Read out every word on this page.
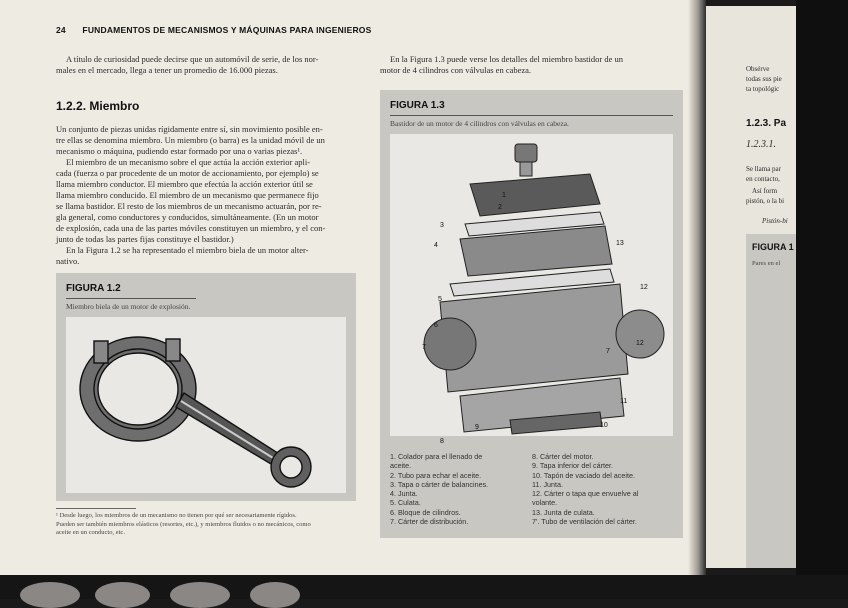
24 FUNDAMENTOS DE MECANISMOS Y MÁQUINAS PARA INGENIEROS

A título de curiosidad puede decirse que un automóvil de serie, de los nor-

males en el mercado, llega a tener un promedio de 16.000 piezas.

1.2.2. Miembro

Un conjunto de piezas unidas rígidamente entre sí, sin movimiento posible en-

tre ellas se denomina miembro. Un miembro (o barra) es la unidad móvil de un

mecanismo o máquina, pudiendo estar formado por una o varias piezas¹.

El miembro de un mecanismo sobre el que actúa la acción exterior apli-

cada (fuerza o par procedente de un motor de accionamiento, por ejemplo) se

llama miembro conductor. El miembro que efectúa la acción exterior útil se

llama miembro conducido. El miembro de un mecanismo que permanece fijo

se llama bastidor. El resto de los miembros de un mecanismo actuarán, por re-

gla general, como conductores y conducidos, simultáneamente. (En un motor

de explosión, cada una de las partes móviles constituyen un miembro, y el con-

junto de todas las partes fijas constituye el bastidor.)

En la Figura 1.2 se ha representado el miembro biela de un motor alter-

nativo.

FIGURA 1.2
Miembro biela de un motor de explosión.
¹ Desde luego, los miembros de un mecanismo no tienen por qué ser necesariamente rígidos.
Pueden ser también miembros elásticos (resortes, etc.), y miembros fluidos o no mecánicos, como
aceite en un conducto, etc.

En la Figura 1.3 puede verse los detalles del miembro bastidor de un

motor de 4 cilindros con válvulas en cabeza.

FIGURA 1.3
Bastidor de un motor de 4 cilindros con válvulas en cabeza.
1
2
3
4
5
6
7
8
9	10
11
12
13
7
12
1. Colador para el llenado de
aceite.
2. Tubo para echar el aceite.
3. Tapa o cárter de balancines.
4. Junta.
5. Culata.
6. Bloque de cilindros.
7. Cárter de distribución.
8. Cárter del motor.
9. Tapa inferior del cárter.
10. Tapón de vaciado del aceite.
11. Junta.
12. Cárter o tapa que envuelve al
volante.
13. Junta de culata.
7'. Tubo de ventilación del cárter.
Obsérve
todas sus pie
ta topológic
1.2.3. Pa
1.2.3.1.
Se llama par
en contacto,
Así form
pistón, o la bi
Pistón-bi
FIGURA 1
Pares en el
